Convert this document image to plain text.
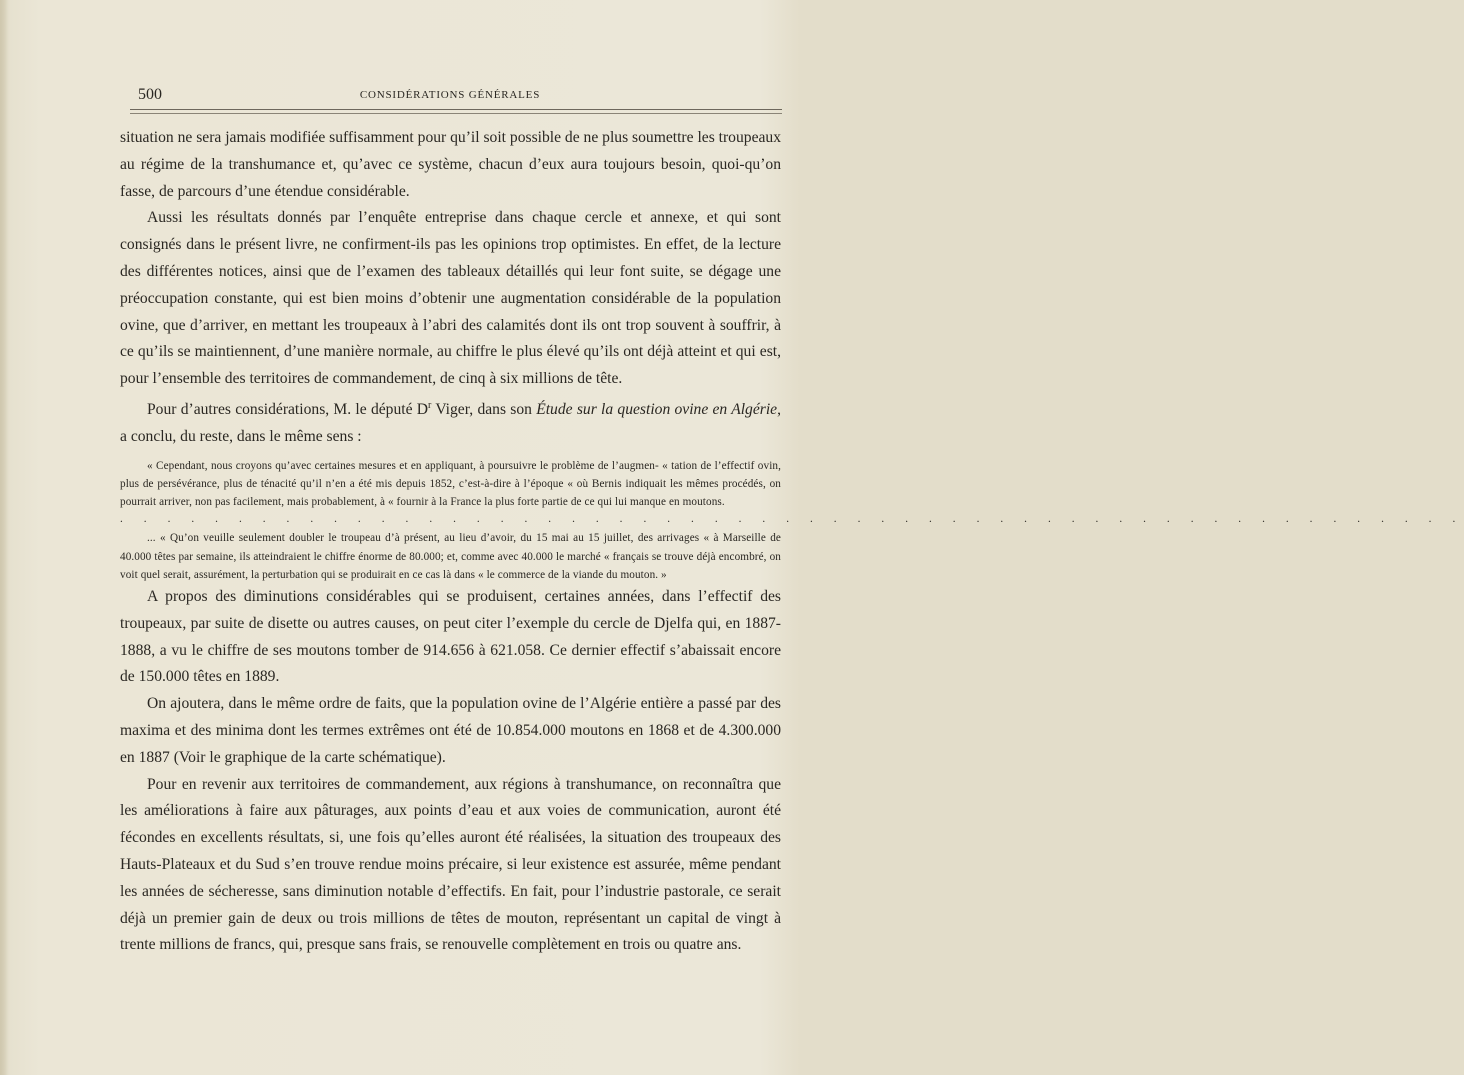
500	CONSIDÉRATIONS GÉNÉRALES

situation ne sera jamais modifiée suffisamment pour qu’il soit possible de ne plus soumettre les troupeaux au régime de la transhumance et, qu’avec ce système, chacun d’eux aura toujours besoin, quoi-qu’on fasse, de parcours d’une étendue considérable.

Aussi les résultats donnés par l’enquête entreprise dans chaque cercle et annexe, et qui sont consignés dans le présent livre, ne confirment-ils pas les opinions trop optimistes. En effet, de la lecture des différentes notices, ainsi que de l’examen des tableaux détaillés qui leur font suite, se dégage une préoccupation constante, qui est bien moins d’obtenir une augmentation considérable de la population ovine, que d’arriver, en mettant les troupeaux à l’abri des calamités dont ils ont trop souvent à souffrir, à ce qu’ils se maintiennent, d’une manière normale, au chiffre le plus élevé qu’ils ont déjà atteint et qui est, pour l’ensemble des territoires de commandement, de cinq à six millions de tête.

Pour d’autres considérations, M. le député $D^r$ Viger, dans son Étude sur la question ovine en Algérie, a conclu, du reste, dans le même sens :

« Cependant, nous croyons qu’avec certaines mesures et en appliquant, à poursuivre le problème de l’augmen- « tation de l’effectif ovin, plus de persévérance, plus de ténacité qu’il n’en a été mis depuis 1852, c’est-à-dire à l’époque « où Bernis indiquait les mêmes procédés, on pourrait arriver, non pas facilement, mais probablement, à « fournir à la France la plus forte partie de ce qui lui manque en moutons.

. . . . . . . . . . . . . . . . . . . . . . . . . . . . . . . . . . . . . . . . . . . . . . . . . . . . . . . . .

... « Qu’on veuille seulement doubler le troupeau d’à présent, au lieu d’avoir, du 15 mai au 15 juillet, des arrivages « à Marseille de 40.000 têtes par semaine, ils atteindraient le chiffre énorme de 80.000; et, comme avec 40.000 le marché « français se trouve déjà encombré, on voit quel serait, assurément, la perturbation qui se produirait en ce cas là dans « le commerce de la viande du mouton. »

A propos des diminutions considérables qui se produisent, certaines années, dans l’effectif des troupeaux, par suite de disette ou autres causes, on peut citer l’exemple du cercle de Djelfa qui, en 1887-1888, a vu le chiffre de ses moutons tomber de 914.656 à 621.058. Ce dernier effectif s’abaissait encore de 150.000 têtes en 1889.

On ajoutera, dans le même ordre de faits, que la population ovine de l’Algérie entière a passé par des maxima et des minima dont les termes extrêmes ont été de 10.854.000 moutons en 1868 et de 4.300.000 en 1887 (Voir le graphique de la carte schématique).

Pour en revenir aux territoires de commandement, aux régions à transhumance, on reconnaîtra que les améliorations à faire aux pâturages, aux points d’eau et aux voies de communication, auront été fécondes en excellents résultats, si, une fois qu’elles auront été réalisées, la situation des troupeaux des Hauts-Plateaux et du Sud s’en trouve rendue moins précaire, si leur existence est assurée, même pendant les années de sécheresse, sans diminution notable d’effectifs. En fait, pour l’industrie pastorale, ce serait déjà un premier gain de deux ou trois millions de têtes de mouton, représentant un capital de vingt à trente millions de francs, qui, presque sans frais, se renouvelle complètement en trois ou quatre ans.
